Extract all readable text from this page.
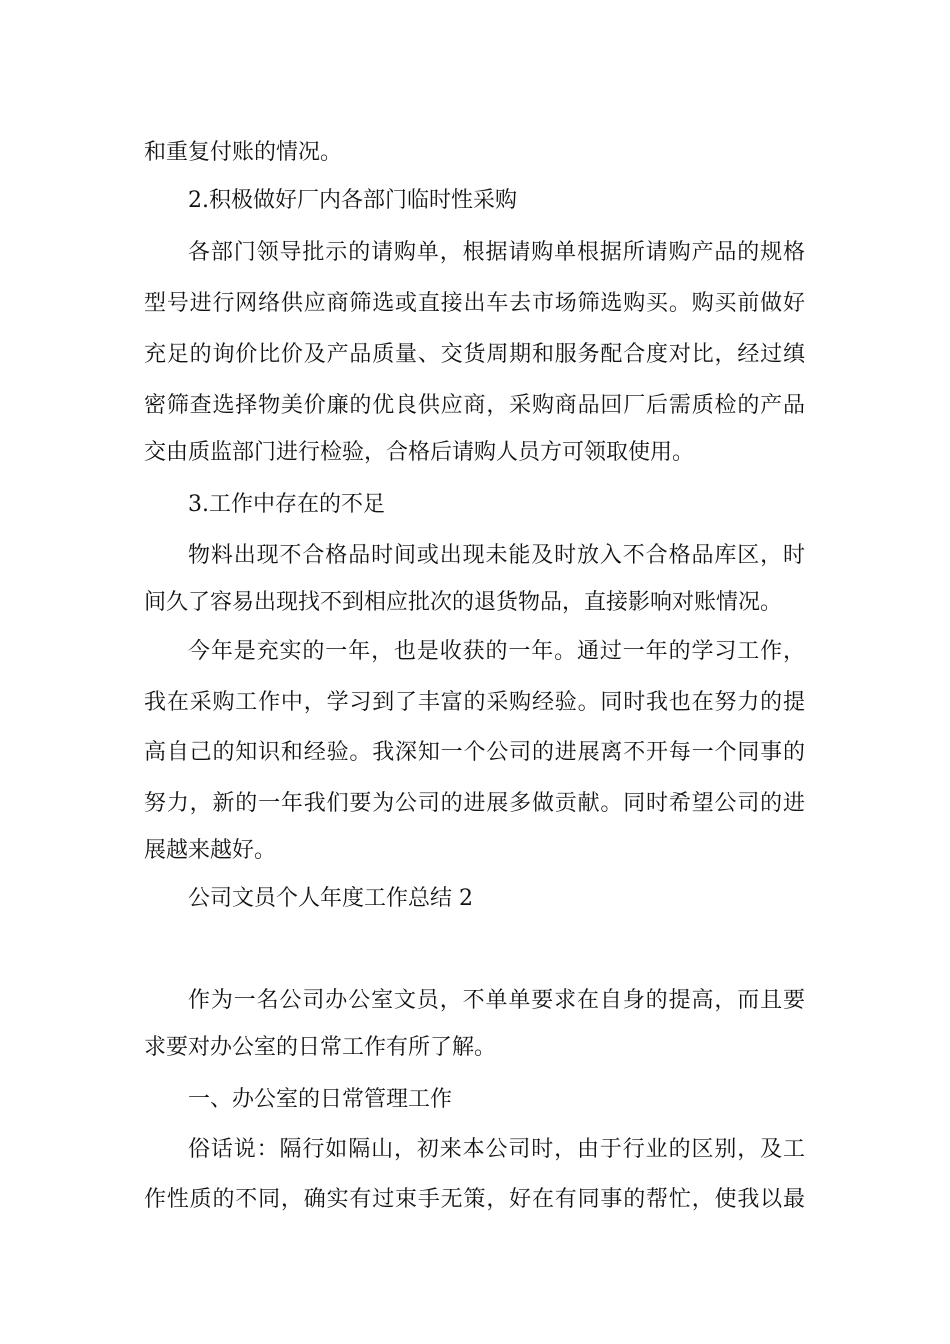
和重复付账的情况。
2.积极做好厂内各部门临时性采购
各部门领导批示的请购单，根据请购单根据所请购产品的规格
型号进行网络供应商筛选或直接出车去市场筛选购买。购买前做好
充足的询价比价及产品质量、交货周期和服务配合度对比，经过缜
密筛查选择物美价廉的优良供应商，采购商品回厂后需质检的产品
交由质监部门进行检验，合格后请购人员方可领取使用。
3.工作中存在的不足
物料出现不合格品时间或出现未能及时放入不合格品库区，时
间久了容易出现找不到相应批次的退货物品，直接影响对账情况。
今年是充实的一年，也是收获的一年。通过一年的学习工作，
我在采购工作中，学习到了丰富的采购经验。同时我也在努力的提
高自己的知识和经验。我深知一个公司的进展离不开每一个同事的
努力，新的一年我们要为公司的进展多做贡献。同时希望公司的进
展越来越好。
公司文员个人年度工作总结 2
作为一名公司办公室文员，不单单要求在自身的提高，而且要
求要对办公室的日常工作有所了解。
一、办公室的日常管理工作
俗话说：隔行如隔山，初来本公司时，由于行业的区别，及工
作性质的不同，确实有过束手无策，好在有同事的帮忙，使我以最
